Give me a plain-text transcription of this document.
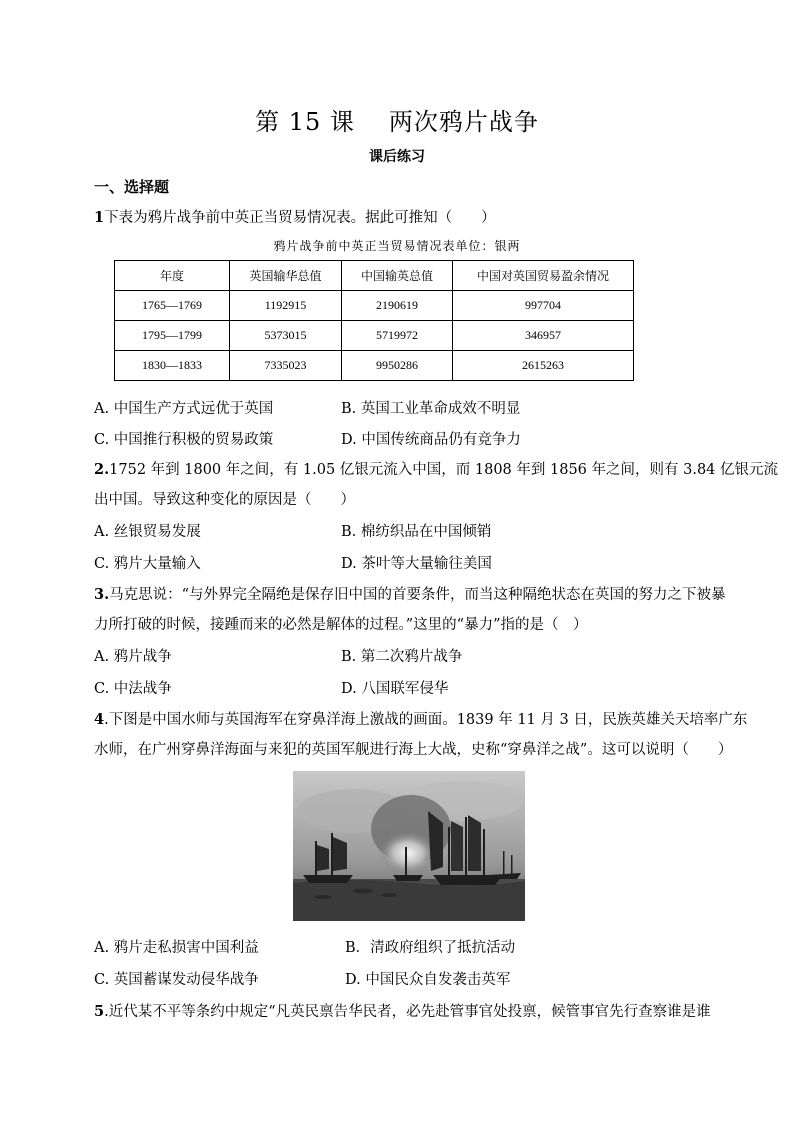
第 15 课 两次鸦片战争
课后练习
一、选择题
1下表为鸦片战争前中英正当贸易情况表。据此可推知（　　）
鸦片战争前中英正当贸易情况表单位：银两
年度	英国输华总值	中国输英总值	中国对英国贸易盈余情况
1765—1769	1192915	2190619	997704
1795—1799	5373015	5719972	346957
1830—1833	7335023	9950286	2615263
A. 中国生产方式远优于英国	B. 英国工业革命成效不明显
C. 中国推行积极的贸易政策	D. 中国传统商品仍有竞争力
2.1752 年到 1800 年之间，有 1.05 亿银元流入中国，而 1808 年到 1856 年之间，则有 3.84 亿银元流
出中国。导致这种变化的原因是（　　）
A. 丝银贸易发展	B. 棉纺织品在中国倾销
C. 鸦片大量输入	D. 茶叶等大量输往美国
3.马克思说：“与外界完全隔绝是保存旧中国的首要条件，而当这种隔绝状态在英国的努力之下被暴
力所打破的时候，接踵而来的必然是解体的过程。”这里的“暴力”指的是（　）
A. 鸦片战争	B. 第二次鸦片战争
C. 中法战争	D. 八国联军侵华
4.下图是中国水师与英国海军在穿鼻洋海上激战的画面。1839 年 11 月 3 日，民族英雄关天培率广东
水师，在广州穿鼻洋海面与来犯的英国军舰进行海上大战，史称“穿鼻洋之战”。这可以说明（　　）
A. 鸦片走私损害中国利益	B．清政府组织了抵抗活动
C. 英国蓄谋发动侵华战争	D. 中国民众自发袭击英军
5.近代某不平等条约中规定“凡英民禀告华民者，必先赴管事官处投禀，候管事官先行查察谁是谁
